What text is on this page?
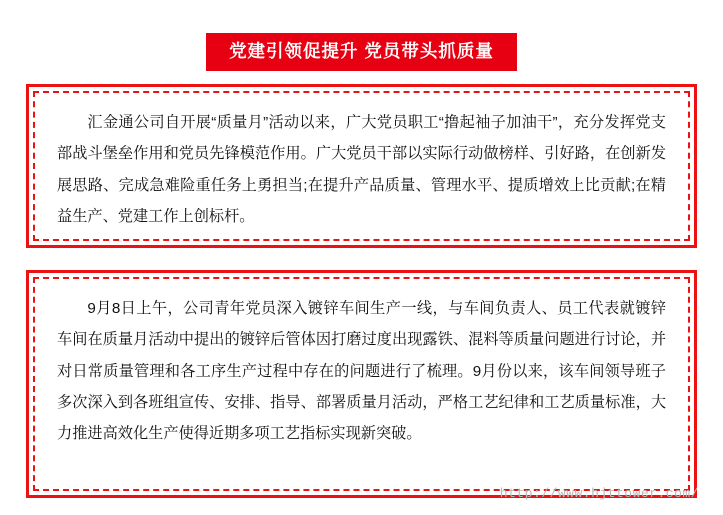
党建引领促提升 党员带头抓质量

汇金通公司自开展“质量月”活动以来，广大党员职工“撸起袖子加油干”，充分发挥党支部战斗堡垒作用和党员先锋模范作用。广大党员干部以实际行动做榜样、引好路，在创新发展思路、完成急难险重任务上勇担当;在提升产品质量、管理水平、提质增效上比贡献;在精益生产、党建工作上创标杆。

9月8日上午，公司青年党员深入镀锌车间生产一线，与车间负责人、员工代表就镀锌车间在质量月活动中提出的镀锌后管体因打磨过度出现露铁、混料等质量问题进行讨论，并对日常质量管理和各工序生产过程中存在的问题进行了梳理。9月份以来，该车间领导班子多次深入到各班组宣传、安排、指导、部署质量月活动，严格工艺纪律和工艺质量标准，大力推进高效化生产使得近期多项工艺指标实现新突破。

http://www.hjttower.com/
